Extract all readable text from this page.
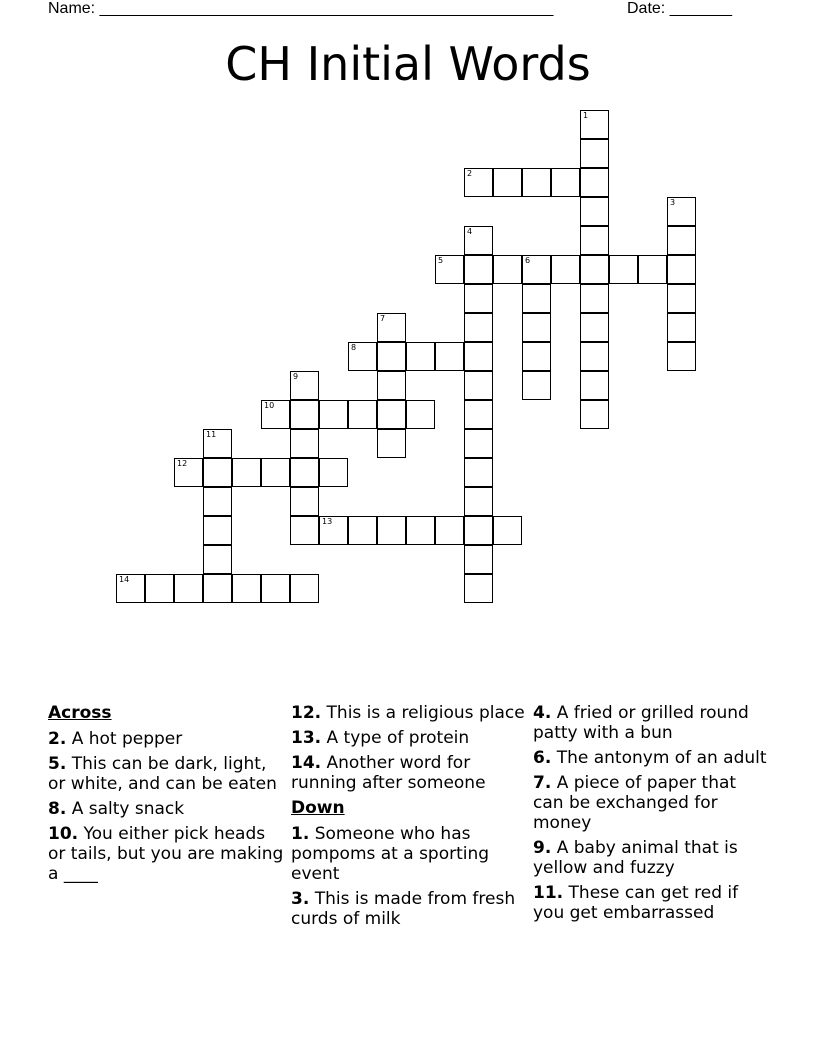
Name: ___________________________________________________	Date: _______
CH Initial Words
1
2
3
4
5	6
7
8
9
10
11
12
13
14
Across
2. A hot pepper
5. This can be dark, light, or white, and can be eaten
8. A salty snack
10. You either pick heads or tails, but you are making a ____
12. This is a religious place
13. A type of protein
14. Another word for running after someone
Down
1. Someone who has pompoms at a sporting event
3. This is made from fresh curds of milk
4. A fried or grilled round patty with a bun
6. The antonym of an adult
7. A piece of paper that can be exchanged for money
9. A baby animal that is yellow and fuzzy
11. These can get red if you get embarrassed
